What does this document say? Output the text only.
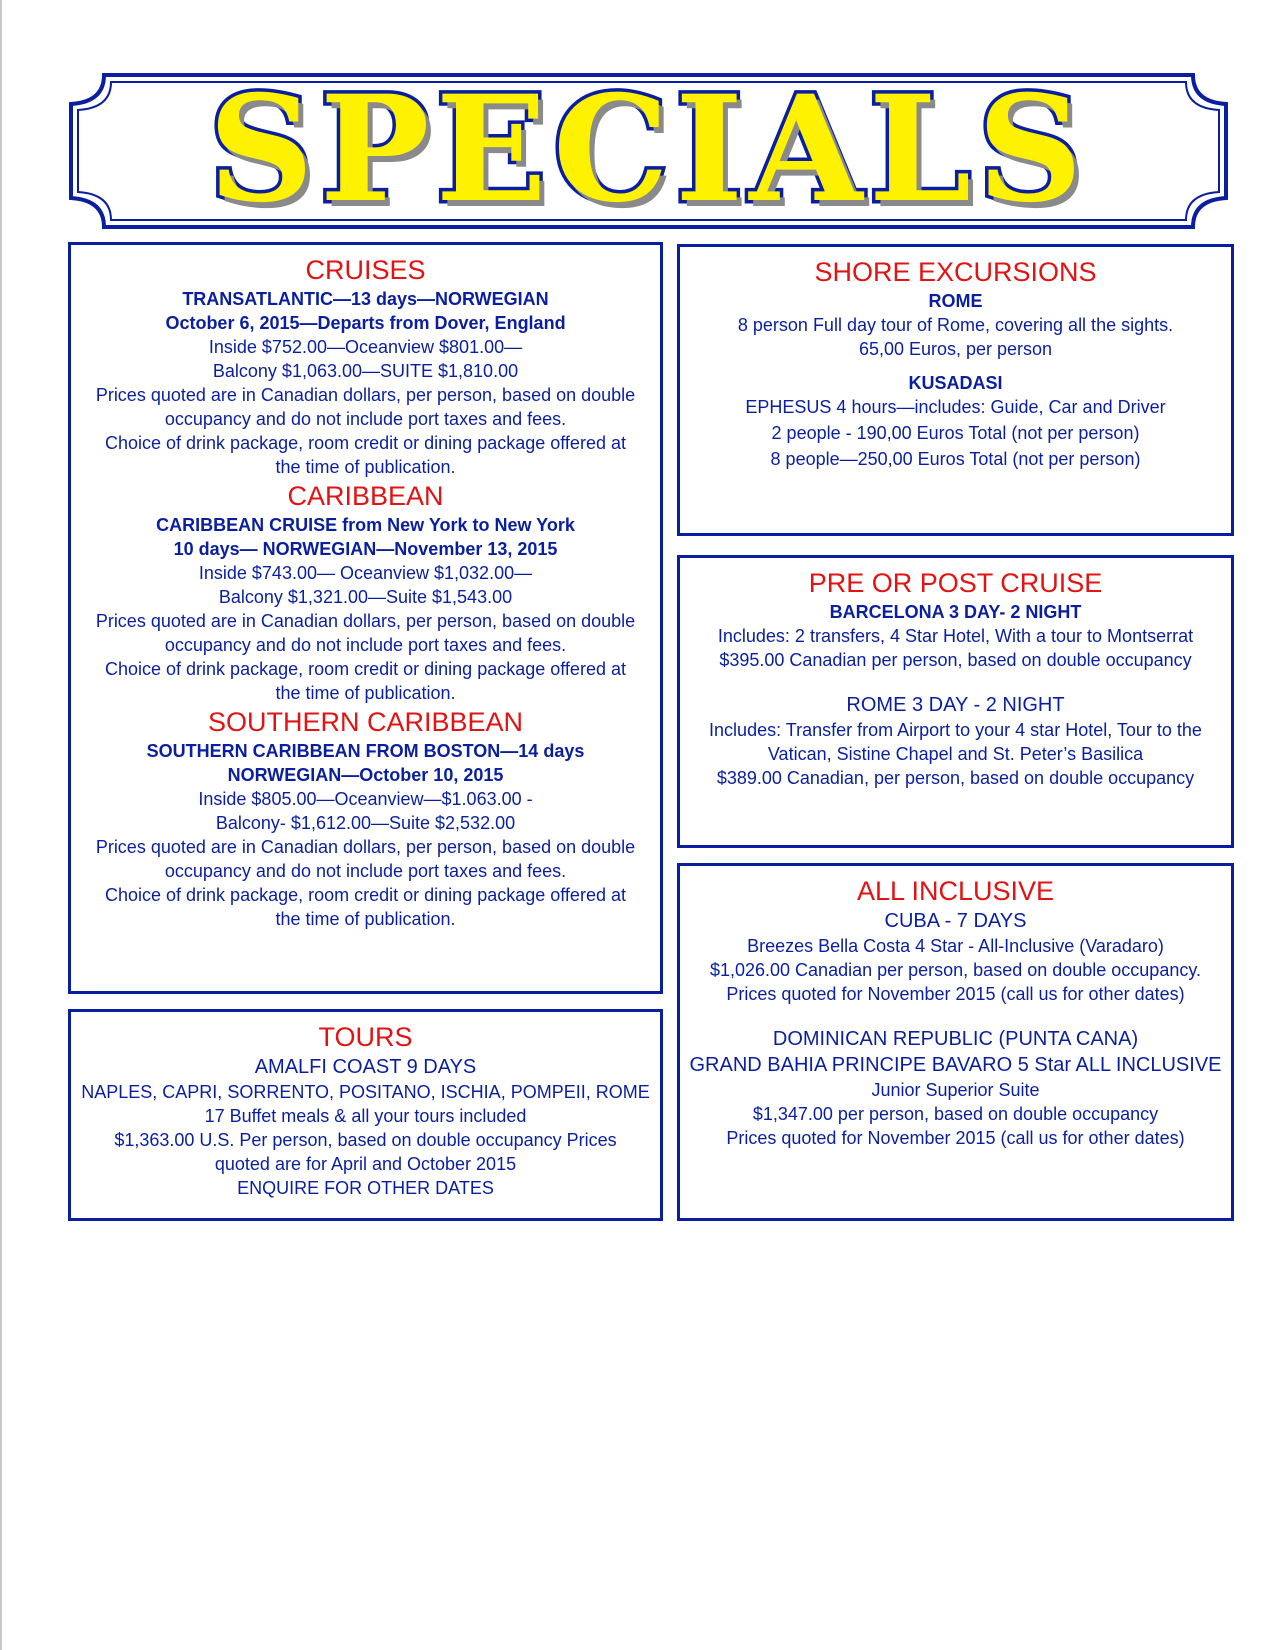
SPECIALS
CRUISES
TRANSATLANTIC—13 days—NORWEGIAN
October 6, 2015—Departs from Dover, England
Inside $752.00—Oceanview $801.00—
Balcony $1,063.00—SUITE $1,810.00
Prices quoted are in Canadian dollars, per person, based on double
occupancy and do not include port taxes and fees.
Choice of drink package, room credit or dining package offered at
the time of publication.
CARIBBEAN
CARIBBEAN CRUISE from New York to New York
10 days— NORWEGIAN—November 13, 2015
Inside $743.00— Oceanview $1,032.00—
Balcony $1,321.00—Suite $1,543.00
Prices quoted are in Canadian dollars, per person, based on double
occupancy and do not include port taxes and fees.
Choice of drink package, room credit or dining package offered at
the time of publication.
SOUTHERN CARIBBEAN
SOUTHERN CARIBBEAN FROM BOSTON—14 days
NORWEGIAN—October 10, 2015
Inside $805.00—Oceanview—$1.063.00 -
Balcony- $1,612.00—Suite $2,532.00
Prices quoted are in Canadian dollars, per person, based on double
occupancy and do not include port taxes and fees.
Choice of drink package, room credit or dining package offered at
the time of publication.
TOURS
AMALFI COAST 9 DAYS
NAPLES, CAPRI, SORRENTO, POSITANO, ISCHIA, POMPEII, ROME
17 Buffet meals & all your tours included
$1,363.00 U.S. Per person, based on double occupancy Prices
quoted are for April and October 2015
ENQUIRE FOR OTHER DATES
SHORE EXCURSIONS
ROME
8 person Full day tour of Rome, covering all the sights.
65,00 Euros, per person
KUSADASI
EPHESUS 4 hours—includes: Guide, Car and Driver
2 people - 190,00 Euros Total (not per person)
8 people—250,00 Euros Total (not per person)
PRE OR POST CRUISE
BARCELONA 3 DAY- 2 NIGHT
Includes: 2 transfers, 4 Star Hotel, With a tour to Montserrat
$395.00 Canadian per person, based on double occupancy
ROME 3 DAY - 2 NIGHT
Includes: Transfer from Airport to your 4 star Hotel, Tour to the
Vatican, Sistine Chapel and St. Peter’s Basilica
$389.00 Canadian, per person, based on double occupancy
ALL INCLUSIVE
CUBA - 7 DAYS
Breezes Bella Costa 4 Star - All-Inclusive (Varadaro)
$1,026.00 Canadian per person, based on double occupancy.
Prices quoted for November 2015 (call us for other dates)
DOMINICAN REPUBLIC (PUNTA CANA)
GRAND BAHIA PRINCIPE BAVARO 5 Star ALL INCLUSIVE
Junior Superior Suite
$1,347.00 per person, based on double occupancy
Prices quoted for November 2015 (call us for other dates)
